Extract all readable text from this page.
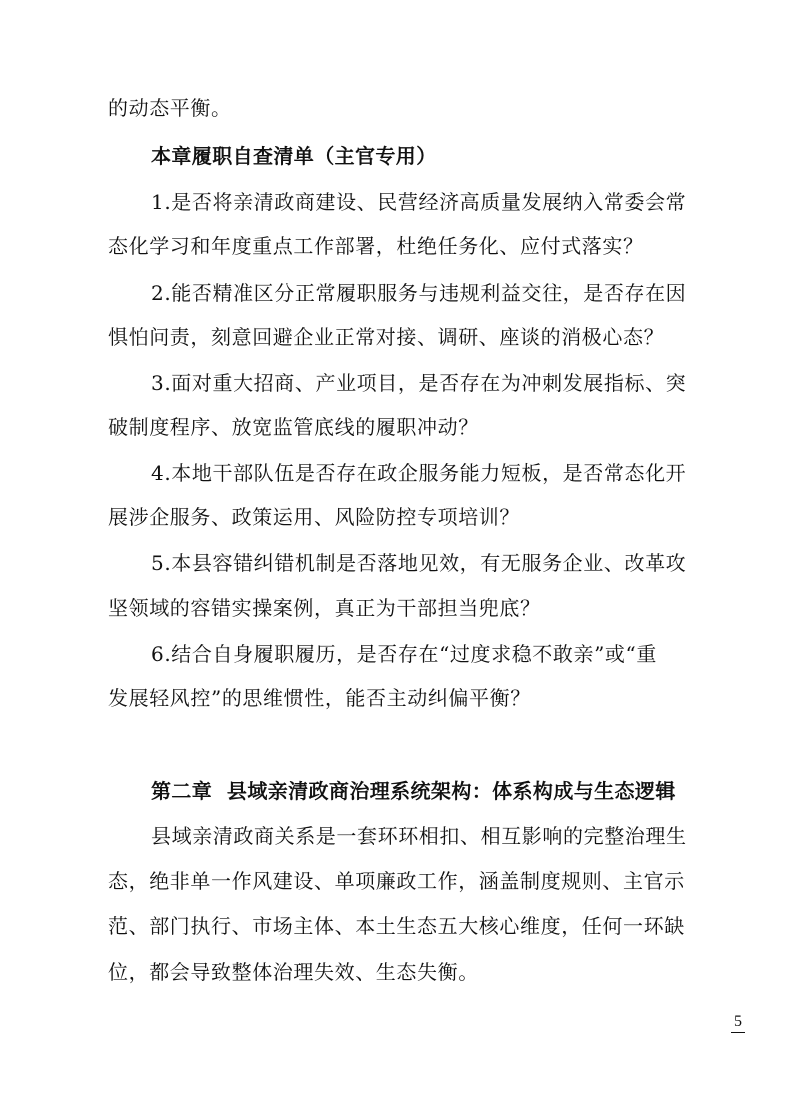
的动态平衡。
本章履职自查清单（主官专用）
1.是否将亲清政商建设、民营经济高质量发展纳入常委会常
态化学习和年度重点工作部署，杜绝任务化、应付式落实？
2.能否精准区分正常履职服务与违规利益交往，是否存在因
惧怕问责，刻意回避企业正常对接、调研、座谈的消极心态？
3.面对重大招商、产业项目，是否存在为冲刺发展指标、突
破制度程序、放宽监管底线的履职冲动？
4.本地干部队伍是否存在政企服务能力短板，是否常态化开
展涉企服务、政策运用、风险防控专项培训？
5.本县容错纠错机制是否落地见效，有无服务企业、改革攻
坚领域的容错实操案例，真正为干部担当兜底？
6.结合自身履职履历，是否存在“过度求稳不敢亲”或“重
发展轻风控”的思维惯性，能否主动纠偏平衡？
第二章  县域亲清政商治理系统架构：体系构成与生态逻辑
县域亲清政商关系是一套环环相扣、相互影响的完整治理生
态，绝非单一作风建设、单项廉政工作，涵盖制度规则、主官示
范、部门执行、市场主体、本土生态五大核心维度，任何一环缺
位，都会导致整体治理失效、生态失衡。
5
